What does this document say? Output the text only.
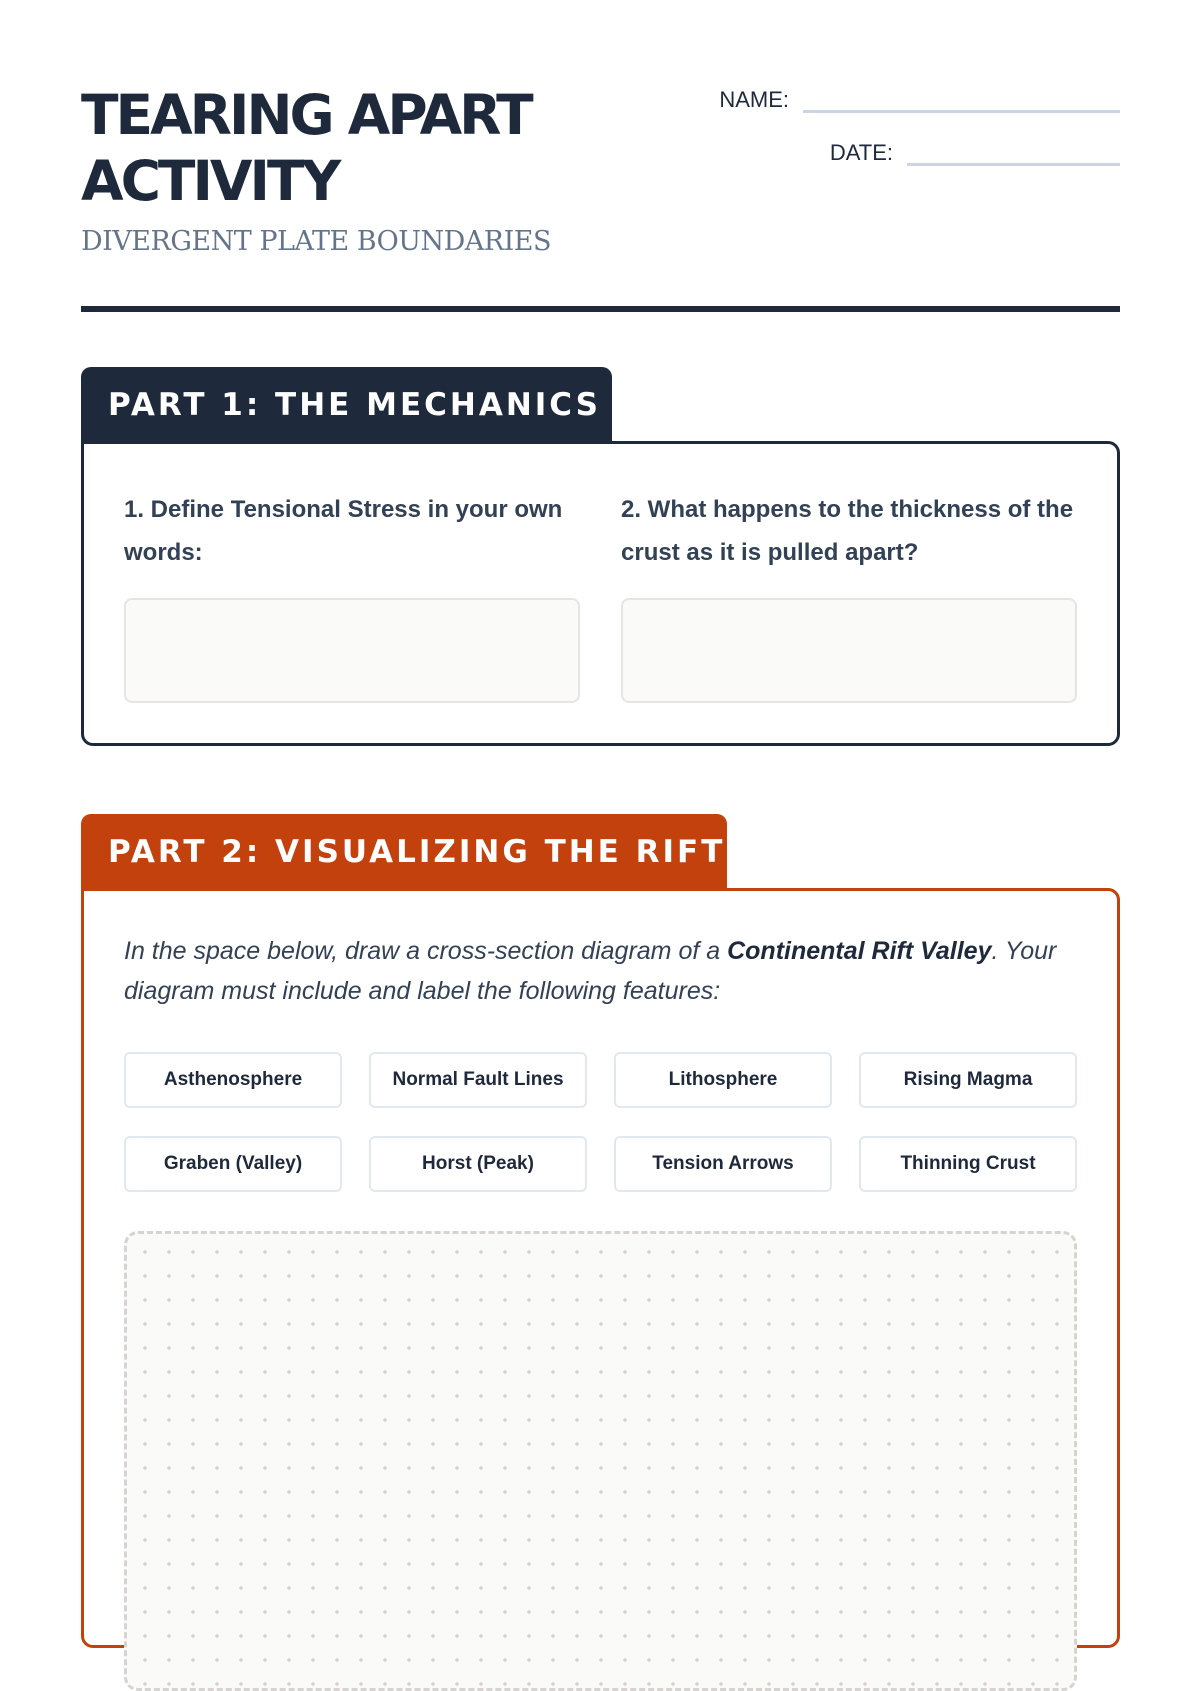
TEARING APART
ACTIVITY
DIVERGENT PLATE BOUNDARIES
NAME:
DATE:
PART 1: THE MECHANICS
1. Define Tensional Stress in your own words:
2. What happens to the thickness of the crust as it is pulled apart?
PART 2: VISUALIZING THE RIFT
In the space below, draw a cross-section diagram of a Continental Rift Valley. Your diagram must include and label the following features:
Asthenosphere	Normal Fault Lines	Lithosphere	Rising Magma
Graben (Valley)	Horst (Peak)	Tension Arrows	Thinning Crust
